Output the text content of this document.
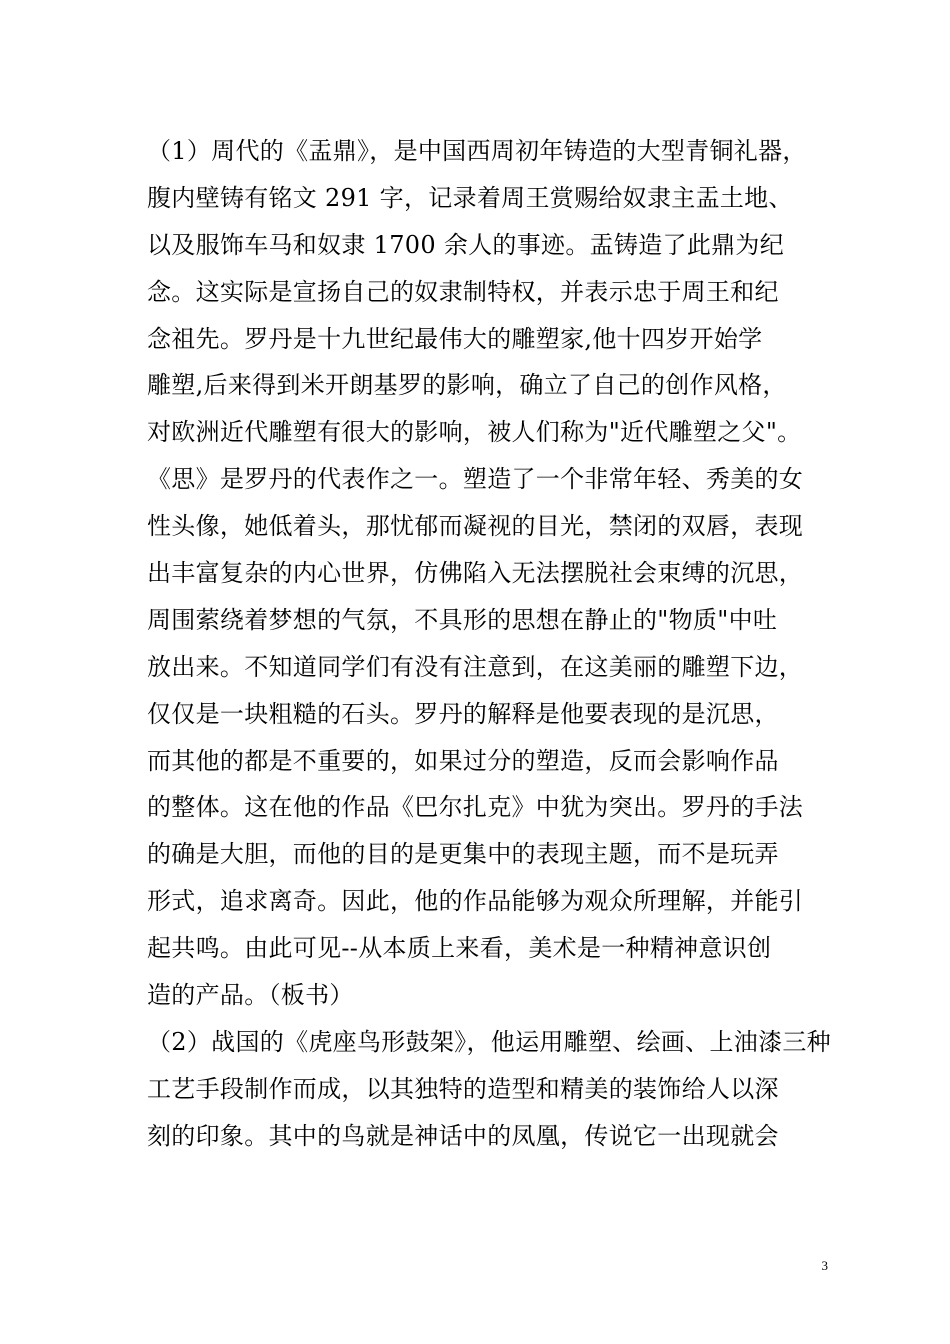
（1）周代的《盂鼎》，是中国西周初年铸造的大型青铜礼器，
腹内壁铸有铭文 291 字，记录着周王赏赐给奴隶主盂土地、
以及服饰车马和奴隶 1700 余人的事迹。盂铸造了此鼎为纪
念。这实际是宣扬自己的奴隶制特权，并表示忠于周王和纪
念祖先。罗丹是十九世纪最伟大的雕塑家,他十四岁开始学
雕塑,后来得到米开朗基罗的影响，确立了自己的创作风格，
对欧洲近代雕塑有很大的影响，被人们称为"近代雕塑之父"。
《思》是罗丹的代表作之一。塑造了一个非常年轻、秀美的女
性头像，她低着头，那忧郁而凝视的目光，禁闭的双唇，表现
出丰富复杂的内心世界，仿佛陷入无法摆脱社会束缚的沉思，
周围萦绕着梦想的气氛，不具形的思想在静止的"物质"中吐
放出来。不知道同学们有没有注意到，在这美丽的雕塑下边，
仅仅是一块粗糙的石头。罗丹的解释是他要表现的是沉思，
而其他的都是不重要的，如果过分的塑造，反而会影响作品
的整体。这在他的作品《巴尔扎克》中犹为突出。罗丹的手法
的确是大胆，而他的目的是更集中的表现主题，而不是玩弄
形式，追求离奇。因此，他的作品能够为观众所理解，并能引
起共鸣。由此可见--从本质上来看，美术是一种精神意识创
造的产品。（板书）
（2）战国的《虎座鸟形鼓架》，他运用雕塑、绘画、上油漆三种
工艺手段制作而成，以其独特的造型和精美的装饰给人以深
刻的印象。其中的鸟就是神话中的凤凰，传说它一出现就会
3
